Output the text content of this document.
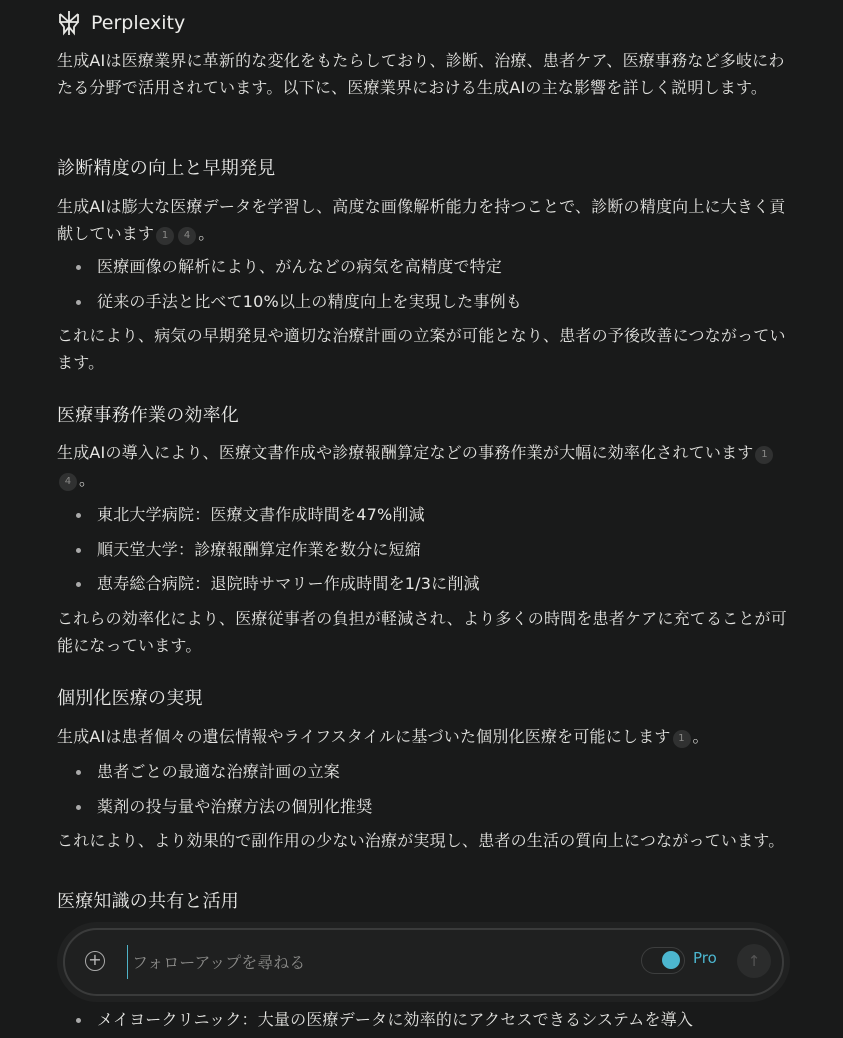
Perplexity
生成AIは医療業界に革新的な変化をもたらしており、診断、治療、患者ケア、医療事務など多岐にわたる分野で活用されています。以下に、医療業界における生成AIの主な影響を詳しく説明します。
診断精度の向上と早期発見
生成AIは膨大な医療データを学習し、高度な画像解析能力を持つことで、診断の精度向上に大きく貢献しています 1 4 。
医療画像の解析により、がんなどの病気を高精度で特定
従来の手法と比べて10%以上の精度向上を実現した事例も
これにより、病気の早期発見や適切な治療計画の立案が可能となり、患者の予後改善につながっています。
医療事務作業の効率化
生成AIの導入により、医療文書作成や診療報酬算定などの事務作業が大幅に効率化されています 14 。
東北大学病院：医療文書作成時間を47%削減
順天堂大学：診療報酬算定作業を数分に短縮
恵寿総合病院：退院時サマリー作成時間を1/3に削減
これらの効率化により、医療従事者の負担が軽減され、より多くの時間を患者ケアに充てることが可能になっています。
個別化医療の実現
生成AIは患者個々の遺伝情報やライフスタイルに基づいた個別化医療を可能にします 1 。
患者ごとの最適な治療計画の立案
薬剤の投与量や治療方法の個別化推奨
これにより、より効果的で副作用の少ない治療が実現し、患者の生活の質向上につながっています。
医療知識の共有と活用
メイヨークリニック：大量の医療データに効率的にアクセスできるシステムを導入
+
フォローアップを尋ねる	Pro	↑
